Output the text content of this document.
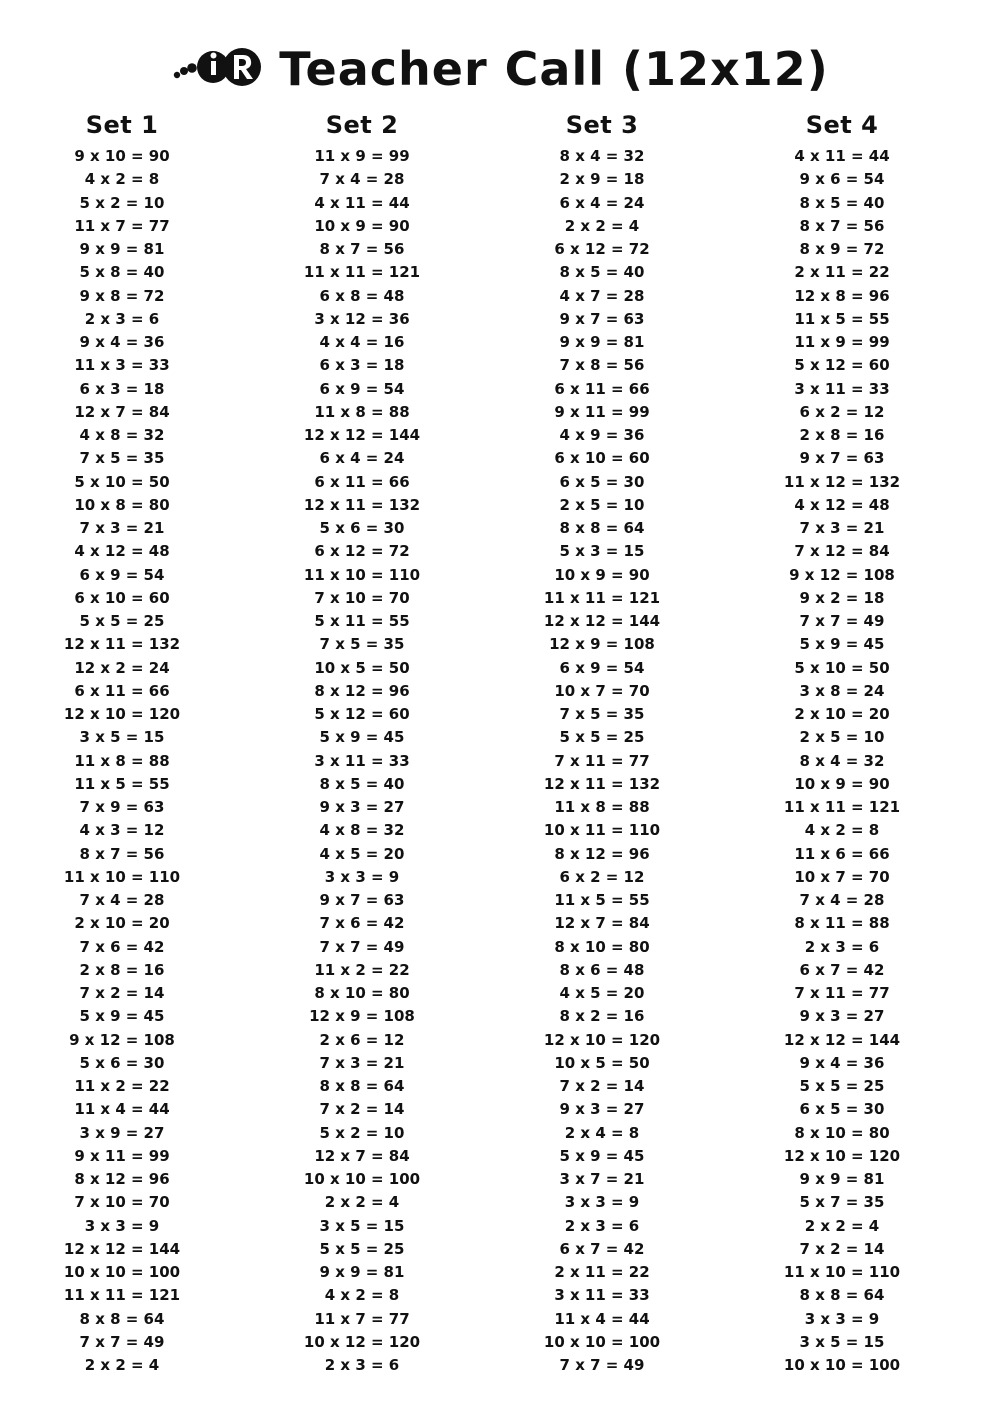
Teacher Call (12x12)
Set 1
9 x 10 = 90
4 x 2 = 8
5 x 2 = 10
11 x 7 = 77
9 x 9 = 81
5 x 8 = 40
9 x 8 = 72
2 x 3 = 6
9 x 4 = 36
11 x 3 = 33
6 x 3 = 18
12 x 7 = 84
4 x 8 = 32
7 x 5 = 35
5 x 10 = 50
10 x 8 = 80
7 x 3 = 21
4 x 12 = 48
6 x 9 = 54
6 x 10 = 60
5 x 5 = 25
12 x 11 = 132
12 x 2 = 24
6 x 11 = 66
12 x 10 = 120
3 x 5 = 15
11 x 8 = 88
11 x 5 = 55
7 x 9 = 63
4 x 3 = 12
8 x 7 = 56
11 x 10 = 110
7 x 4 = 28
2 x 10 = 20
7 x 6 = 42
2 x 8 = 16
7 x 2 = 14
5 x 9 = 45
9 x 12 = 108
5 x 6 = 30
11 x 2 = 22
11 x 4 = 44
3 x 9 = 27
9 x 11 = 99
8 x 12 = 96
7 x 10 = 70
3 x 3 = 9
12 x 12 = 144
10 x 10 = 100
11 x 11 = 121
8 x 8 = 64
7 x 7 = 49
2 x 2 = 4
Set 2
11 x 9 = 99
7 x 4 = 28
4 x 11 = 44
10 x 9 = 90
8 x 7 = 56
11 x 11 = 121
6 x 8 = 48
3 x 12 = 36
4 x 4 = 16
6 x 3 = 18
6 x 9 = 54
11 x 8 = 88
12 x 12 = 144
6 x 4 = 24
6 x 11 = 66
12 x 11 = 132
5 x 6 = 30
6 x 12 = 72
11 x 10 = 110
7 x 10 = 70
5 x 11 = 55
7 x 5 = 35
10 x 5 = 50
8 x 12 = 96
5 x 12 = 60
5 x 9 = 45
3 x 11 = 33
8 x 5 = 40
9 x 3 = 27
4 x 8 = 32
4 x 5 = 20
3 x 3 = 9
9 x 7 = 63
7 x 6 = 42
7 x 7 = 49
11 x 2 = 22
8 x 10 = 80
12 x 9 = 108
2 x 6 = 12
7 x 3 = 21
8 x 8 = 64
7 x 2 = 14
5 x 2 = 10
12 x 7 = 84
10 x 10 = 100
2 x 2 = 4
3 x 5 = 15
5 x 5 = 25
9 x 9 = 81
4 x 2 = 8
11 x 7 = 77
10 x 12 = 120
2 x 3 = 6
Set 3
8 x 4 = 32
2 x 9 = 18
6 x 4 = 24
2 x 2 = 4
6 x 12 = 72
8 x 5 = 40
4 x 7 = 28
9 x 7 = 63
9 x 9 = 81
7 x 8 = 56
6 x 11 = 66
9 x 11 = 99
4 x 9 = 36
6 x 10 = 60
6 x 5 = 30
2 x 5 = 10
8 x 8 = 64
5 x 3 = 15
10 x 9 = 90
11 x 11 = 121
12 x 12 = 144
12 x 9 = 108
6 x 9 = 54
10 x 7 = 70
7 x 5 = 35
5 x 5 = 25
7 x 11 = 77
12 x 11 = 132
11 x 8 = 88
10 x 11 = 110
8 x 12 = 96
6 x 2 = 12
11 x 5 = 55
12 x 7 = 84
8 x 10 = 80
8 x 6 = 48
4 x 5 = 20
8 x 2 = 16
12 x 10 = 120
10 x 5 = 50
7 x 2 = 14
9 x 3 = 27
2 x 4 = 8
5 x 9 = 45
3 x 7 = 21
3 x 3 = 9
2 x 3 = 6
6 x 7 = 42
2 x 11 = 22
3 x 11 = 33
11 x 4 = 44
10 x 10 = 100
7 x 7 = 49
Set 4
4 x 11 = 44
9 x 6 = 54
8 x 5 = 40
8 x 7 = 56
8 x 9 = 72
2 x 11 = 22
12 x 8 = 96
11 x 5 = 55
11 x 9 = 99
5 x 12 = 60
3 x 11 = 33
6 x 2 = 12
2 x 8 = 16
9 x 7 = 63
11 x 12 = 132
4 x 12 = 48
7 x 3 = 21
7 x 12 = 84
9 x 12 = 108
9 x 2 = 18
7 x 7 = 49
5 x 9 = 45
5 x 10 = 50
3 x 8 = 24
2 x 10 = 20
2 x 5 = 10
8 x 4 = 32
10 x 9 = 90
11 x 11 = 121
4 x 2 = 8
11 x 6 = 66
10 x 7 = 70
7 x 4 = 28
8 x 11 = 88
2 x 3 = 6
6 x 7 = 42
7 x 11 = 77
9 x 3 = 27
12 x 12 = 144
9 x 4 = 36
5 x 5 = 25
6 x 5 = 30
8 x 10 = 80
12 x 10 = 120
9 x 9 = 81
5 x 7 = 35
2 x 2 = 4
7 x 2 = 14
11 x 10 = 110
8 x 8 = 64
3 x 3 = 9
3 x 5 = 15
10 x 10 = 100
